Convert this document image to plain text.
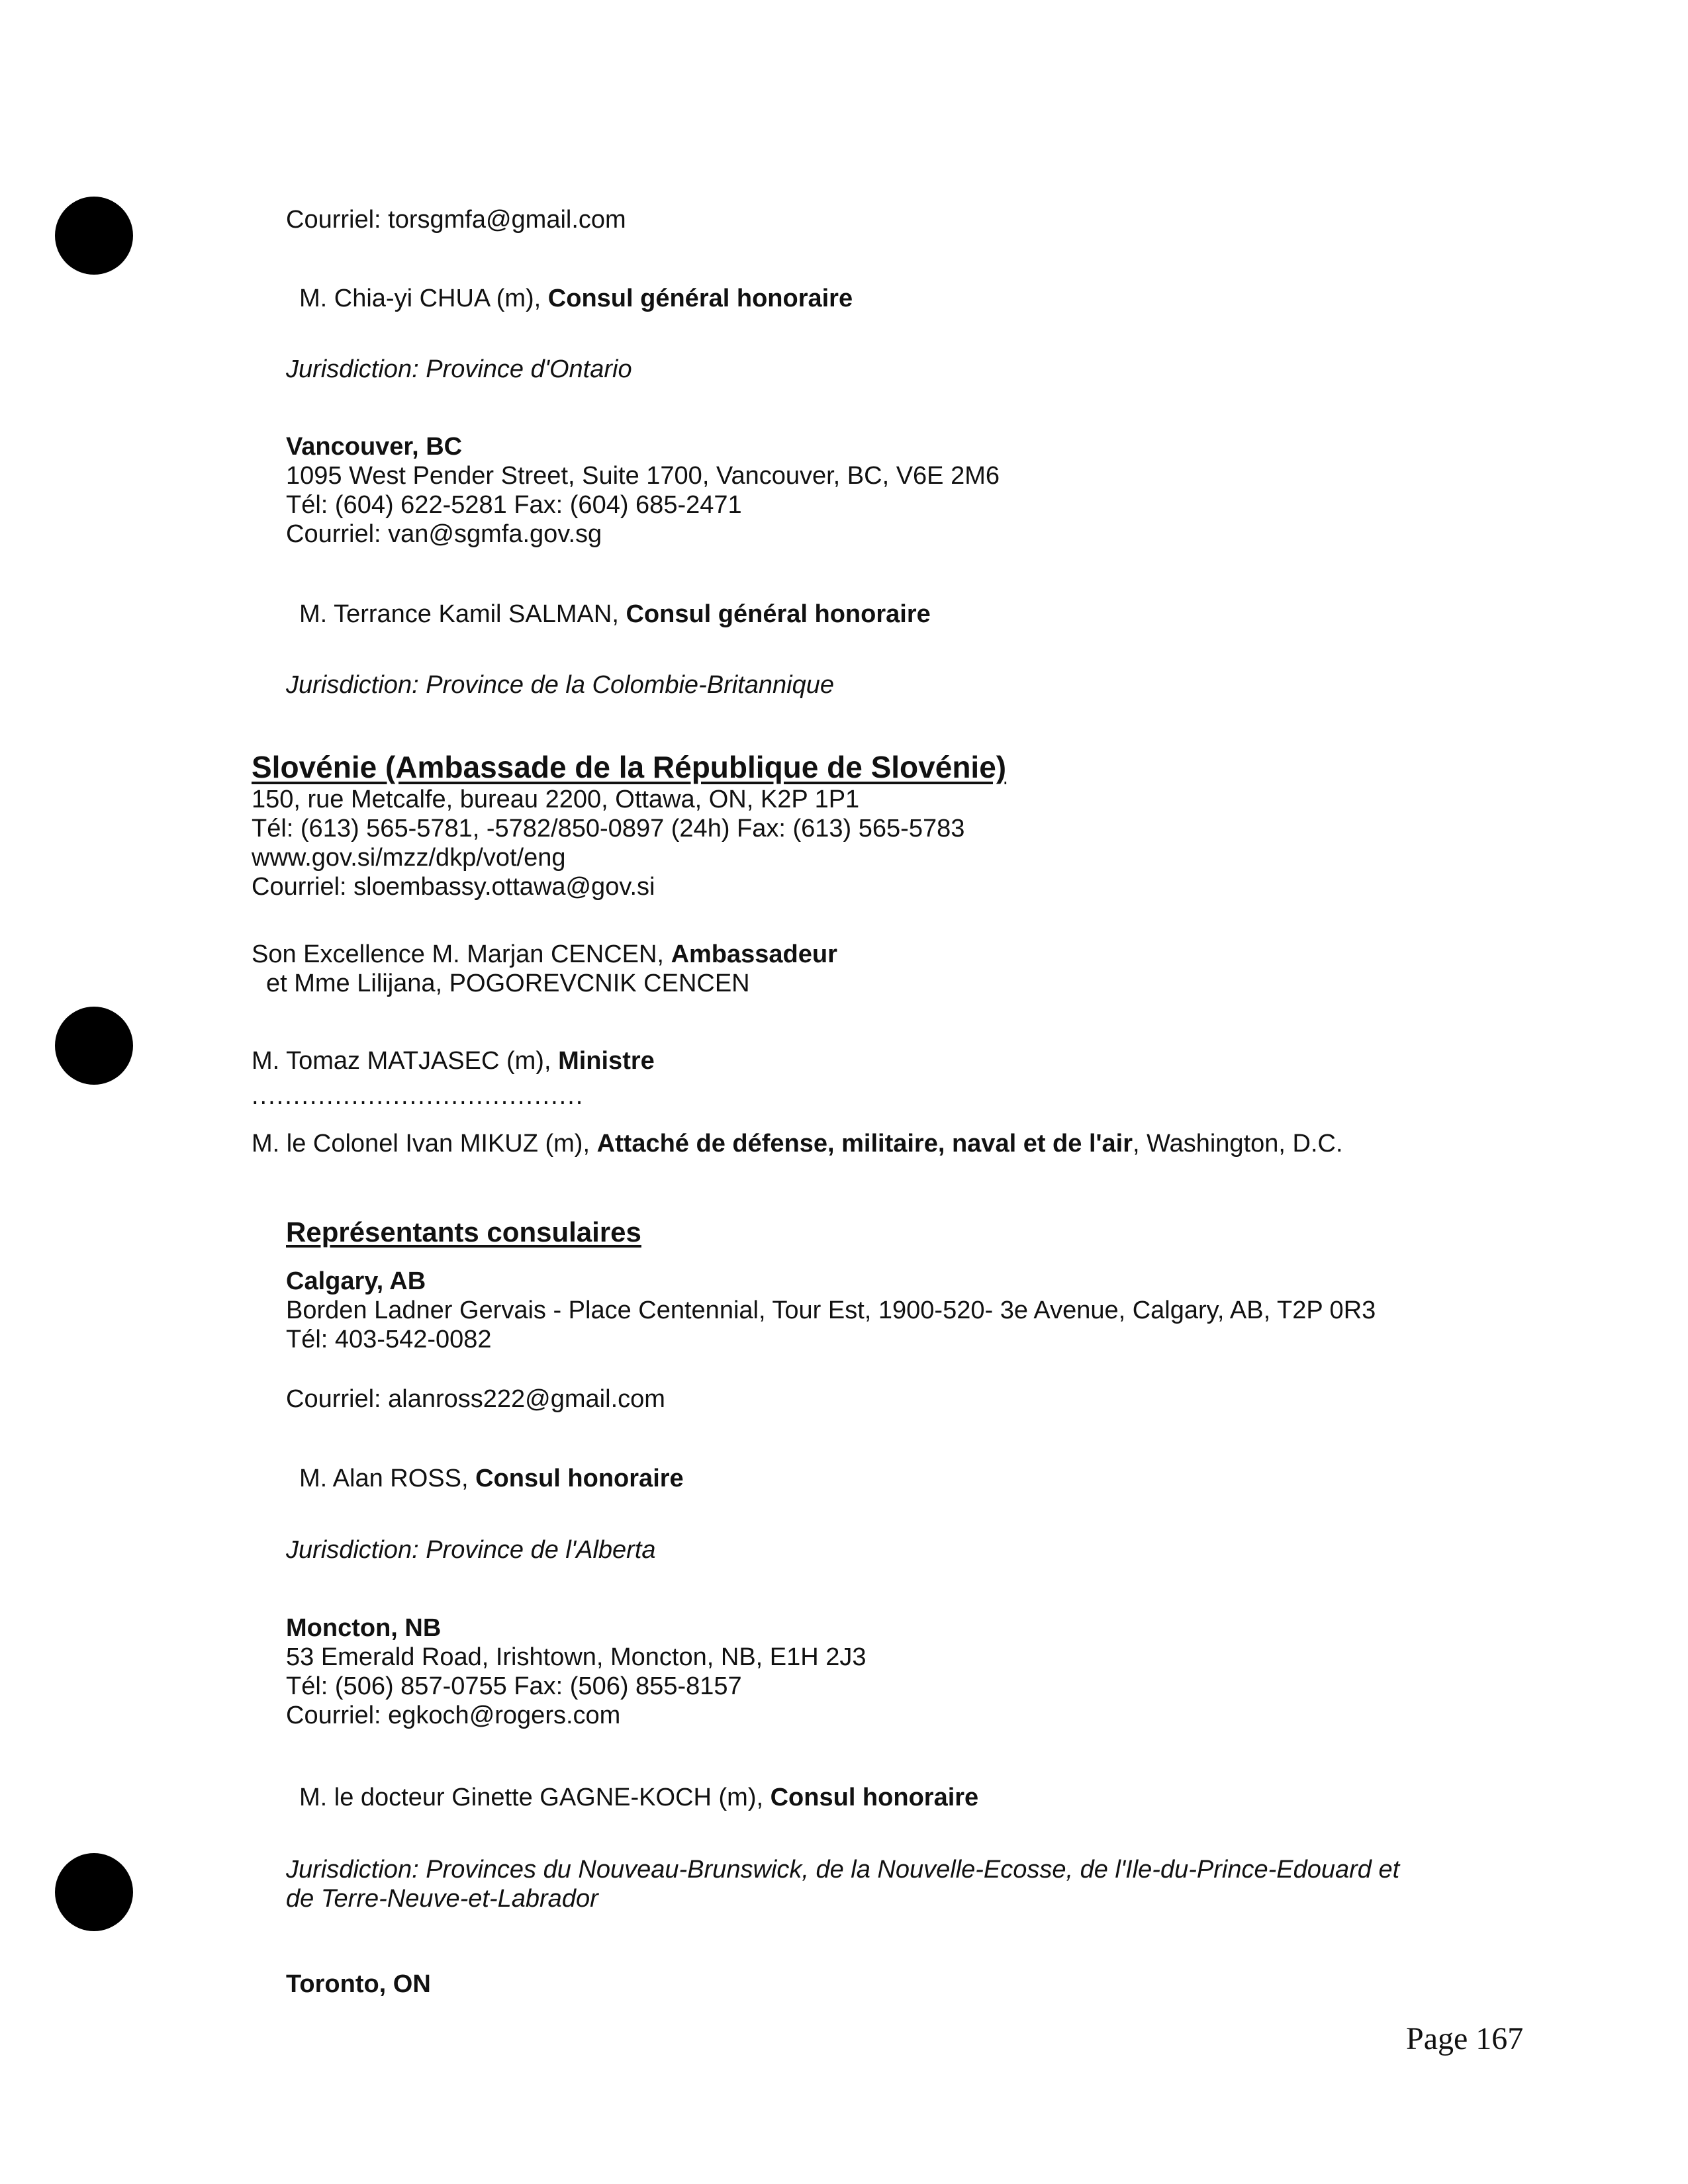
Courriel: torsgmfa@gmail.com
M. Chia-yi CHUA (m), Consul général honoraire
Jurisdiction: Province d'Ontario
Vancouver, BC
1095 West Pender Street, Suite 1700, Vancouver, BC, V6E 2M6
Tél: (604) 622-5281 Fax: (604) 685-2471
Courriel: van@sgmfa.gov.sg
M. Terrance Kamil SALMAN, Consul général honoraire
Jurisdiction: Province de la Colombie-Britannique
Slovénie (Ambassade de la République de Slovénie)
150, rue Metcalfe, bureau 2200, Ottawa, ON, K2P 1P1
Tél: (613) 565-5781, -5782/850-0897 (24h) Fax: (613) 565-5783
www.gov.si/mzz/dkp/vot/eng
Courriel: sloembassy.ottawa@gov.si
Son Excellence M. Marjan CENCEN, Ambassadeur
et Mme Lilijana, POGOREVCNIK CENCEN
M. Tomaz MATJASEC (m), Ministre
........................................
M. le Colonel Ivan MIKUZ (m), Attaché de défense, militaire, naval et de l'air, Washington, D.C.
Représentants consulaires
Calgary, AB
Borden Ladner Gervais - Place Centennial, Tour Est, 1900-520- 3e Avenue, Calgary, AB, T2P 0R3
Tél: 403-542-0082
Courriel: alanross222@gmail.com
M. Alan ROSS, Consul honoraire
Jurisdiction: Province de l'Alberta
Moncton, NB
53 Emerald Road, Irishtown, Moncton, NB, E1H 2J3
Tél: (506) 857-0755 Fax: (506) 855-8157
Courriel: egkoch@rogers.com
M. le docteur Ginette GAGNE-KOCH (m), Consul honoraire
Jurisdiction: Provinces du Nouveau-Brunswick, de la Nouvelle-Ecosse, de l'Ile-du-Prince-Edouard et
de Terre-Neuve-et-Labrador
Toronto, ON
Page 167
